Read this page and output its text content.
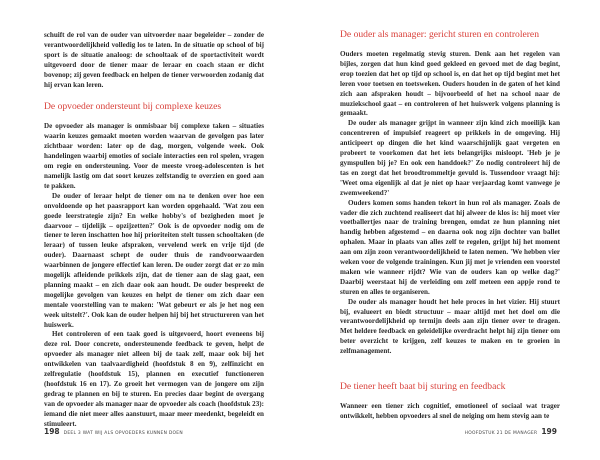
schuift de rol van de ouder van uitvoerder naar begeleider – zonder de verantwoordelijkheid volledig los te laten. In de situatie op school of bij sport is de situatie analoog: de schooltaak of de sportactiviteit wordt uitgevoerd door de tiener maar de leraar en coach staan er dicht bovenop; zij geven feedback en helpen de tiener verwoorden zodanig dat hij ervan kan leren.

De opvoeder ondersteunt bij complexe keuzes

De opvoeder als manager is onmisbaar bij complexe taken – situaties waarin keuzes gemaakt moeten worden waarvan de gevolgen pas later zichtbaar worden: later op de dag, morgen, volgende week. Ook handelingen waarbij emoties of sociale interacties een rol spelen, vragen om regie en ondersteuning. Voor de meeste vroeg-adolescenten is het namelijk lastig om dat soort keuzes zelfstandig te overzien en goed aan te pakken.

De ouder of leraar helpt de tiener om na te denken over hoe een onvoldoende op het paasrapport kan worden opgehaald. 'Wat zou een goede leerstrategie zijn? En welke hobby's of bezigheden moet je daarvoor – tijdelijk – opzijzetten?' Ook is de opvoeder nodig om de tiener te leren inschatten hoe hij prioriteiten stelt tussen schooltaken (de leraar) of tussen leuke afspraken, vervelend werk en vrije tijd (de ouder). Daarnaast schept de ouder thuis de randvoorwaarden waarbinnen de jongere effectief kan leren. De ouder zorgt dat er zo min mogelijk afleidende prikkels zijn, dat de tiener aan de slag gaat, een planning maakt – en zich daar ook aan houdt. De ouder bespreekt de mogelijke gevolgen van keuzes en helpt de tiener om zich daar een mentale voorstelling van te maken: 'Wat gebeurt er als je het nog een week uitstelt?'. Ook kan de ouder helpen hij bij het structureren van het huiswerk.

Het controleren of een taak goed is uitgevoerd, hoort eveneens bij deze rol. Door concrete, ondersteunende feedback te geven, helpt de opvoeder als manager niet alleen bij de taak zelf, maar ook bij het ontwikkelen van taalvaardigheid (hoofdstuk 8 en 9), zelfinzicht en zelfregulatie (hoofdstuk 15), plannen en executief functioneren (hoofdstuk 16 en 17). Zo groeit het vermogen van de jongere om zijn gedrag te plannen en bij te sturen. En precies daar begint de overgang van de opvoeder als manager naar de opvoeder als coach (hoofdstuk 23): iemand die niet meer alles aanstuurt, maar meer meedenkt, begeleidt en stimuleert.

198 DEEL 3 WAT WIJ ALS OPVOEDERS KUNNEN DOEN
De ouder als manager: gericht sturen en controleren

Ouders moeten regelmatig stevig sturen. Denk aan het regelen van bijles, zorgen dat hun kind goed gekleed en gevoed met de dag begint, erop toezien dat het op tijd op school is, en dat het op tijd begint met het leren voor toetsen en toetsweken. Ouders houden in de gaten of het kind zich aan afspraken houdt – bijvoorbeeld of het na school naar de muziekschool gaat – en controleren of het huiswerk volgens planning is gemaakt.

De ouder als manager grijpt in wanneer zijn kind zich moeilijk kan concentreren of impulsief reageert op prikkels in de omgeving. Hij anticipeert op dingen die het kind waarschijnlijk gaat vergeten en probeert te voorkomen dat het iets belangrijks misloopt. 'Heb je je gymspullen bij je? En ook een handdoek?' Zo nodig controleert hij de tas en zorgt dat het broodtrommeltje gevuld is. Tussendoor vraagt hij: 'Weet oma eigenlijk al dat je niet op haar verjaardag komt vanwege je zwemweekend?'

Ouders komen soms handen tekort in hun rol als manager. Zoals de vader die zich zuchtend realiseert dat hij alweer de klos is: hij moet vier voetballertjes naar de training brengen, omdat ze hun planning niet handig hebben afgestemd – en daarna ook nog zijn dochter van ballet ophalen. Maar in plaats van alles zelf te regelen, grijpt hij het moment aan om zijn zoon verantwoordelijkheid te laten nemen. 'We hebben vier weken voor de volgende trainingen. Kun jij met je vrienden een voorstel maken wie wanneer rijdt? Wie van de ouders kan op welke dag?' Daarbij weerstaat hij de verleiding om zelf meteen een appje rond te sturen en alles te organiseren.

De ouder als manager houdt het hele proces in het vizier. Hij stuurt bij, evalueert en biedt structuur – maar altijd met het doel om die verantwoordelijkheid op termijn deels aan zijn tiener over te dragen. Met heldere feedback en geleidelijke overdracht helpt hij zijn tiener om beter overzicht te krijgen, zelf keuzes te maken en te groeien in zelfmanagement.

De tiener heeft baat bij sturing en feedback

Wanneer een tiener zich cognitief, emotioneel of sociaal wat trager ontwikkelt, hebben opvoeders al snel de neiging om hem stevig aan te

HOOFDSTUK 21 DE MANAGER 199
